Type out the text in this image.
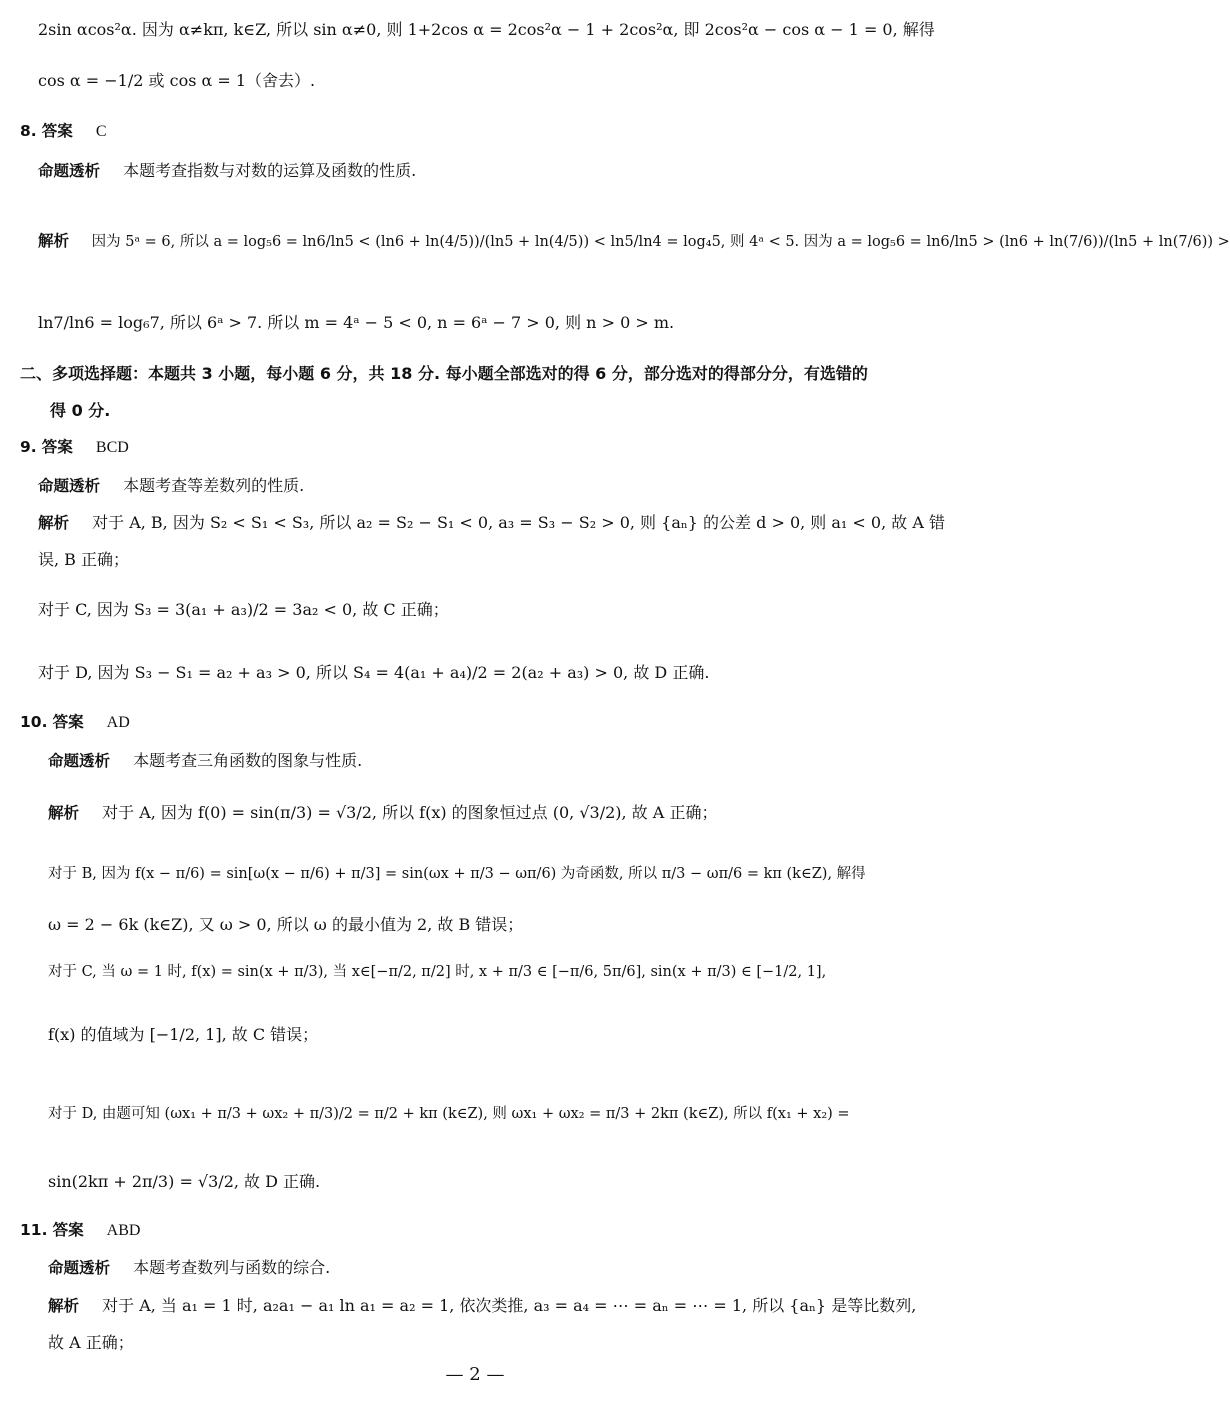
2sin αcos²α. 因为 α≠kπ, k∈Z, 所以 sin α≠0, 则 1+2cos α = 2cos²α − 1 + 2cos²α, 即 2cos²α − cos α − 1 = 0, 解得
cos α = −1/2 或 cos α = 1（舍去）.
8. 答案 C
命题透析 本题考查指数与对数的运算及函数的性质.
解析 因为 5ᵃ = 6, 所以 a = log₅6 = ln6/ln5 < (ln6 + ln(4/5))/(ln5 + ln(4/5)) < ln5/ln4 = log₄5, 则 4ᵃ < 5. 因为 a = log₅6 = ln6/ln5 > (ln6 + ln(7/6))/(ln5 + ln(7/6)) >
ln7/ln6 = log₆7, 所以 6ᵃ > 7. 所以 m = 4ᵃ − 5 < 0, n = 6ᵃ − 7 > 0, 则 n > 0 > m.
二、多项选择题：本题共 3 小题，每小题 6 分，共 18 分. 每小题全部选对的得 6 分，部分选对的得部分分，有选错的
得 0 分.
9. 答案 BCD
命题透析 本题考查等差数列的性质.
解析 对于 A, B, 因为 S₂ < S₁ < S₃, 所以 a₂ = S₂ − S₁ < 0, a₃ = S₃ − S₂ > 0, 则 {aₙ} 的公差 d > 0, 则 a₁ < 0, 故 A 错
误, B 正确；
对于 C, 因为 S₃ = 3(a₁ + a₃)/2 = 3a₂ < 0, 故 C 正确；
对于 D, 因为 S₃ − S₁ = a₂ + a₃ > 0, 所以 S₄ = 4(a₁ + a₄)/2 = 2(a₂ + a₃) > 0, 故 D 正确.
10. 答案 AD
命题透析 本题考查三角函数的图象与性质.
解析 对于 A, 因为 f(0) = sin(π/3) = √3/2, 所以 f(x) 的图象恒过点 (0, √3/2), 故 A 正确；
对于 B, 因为 f(x − π/6) = sin[ω(x − π/6) + π/3] = sin(ωx + π/3 − ωπ/6) 为奇函数, 所以 π/3 − ωπ/6 = kπ (k∈Z), 解得
ω = 2 − 6k (k∈Z), 又 ω > 0, 所以 ω 的最小值为 2, 故 B 错误；
对于 C, 当 ω = 1 时, f(x) = sin(x + π/3), 当 x∈[−π/2, π/2] 时, x + π/3 ∈ [−π/6, 5π/6], sin(x + π/3) ∈ [−1/2, 1],
f(x) 的值域为 [−1/2, 1], 故 C 错误；
对于 D, 由题可知 (ωx₁ + π/3 + ωx₂ + π/3)/2 = π/2 + kπ (k∈Z), 则 ωx₁ + ωx₂ = π/3 + 2kπ (k∈Z), 所以 f(x₁ + x₂) =
sin(2kπ + 2π/3) = √3/2, 故 D 正确.
11. 答案 ABD
命题透析 本题考查数列与函数的综合.
解析 对于 A, 当 a₁ = 1 时, a₂a₁ − a₁ ln a₁ = a₂ = 1, 依次类推, a₃ = a₄ = ⋯ = aₙ = ⋯ = 1, 所以 {aₙ} 是等比数列,
故 A 正确；
— 2 —
